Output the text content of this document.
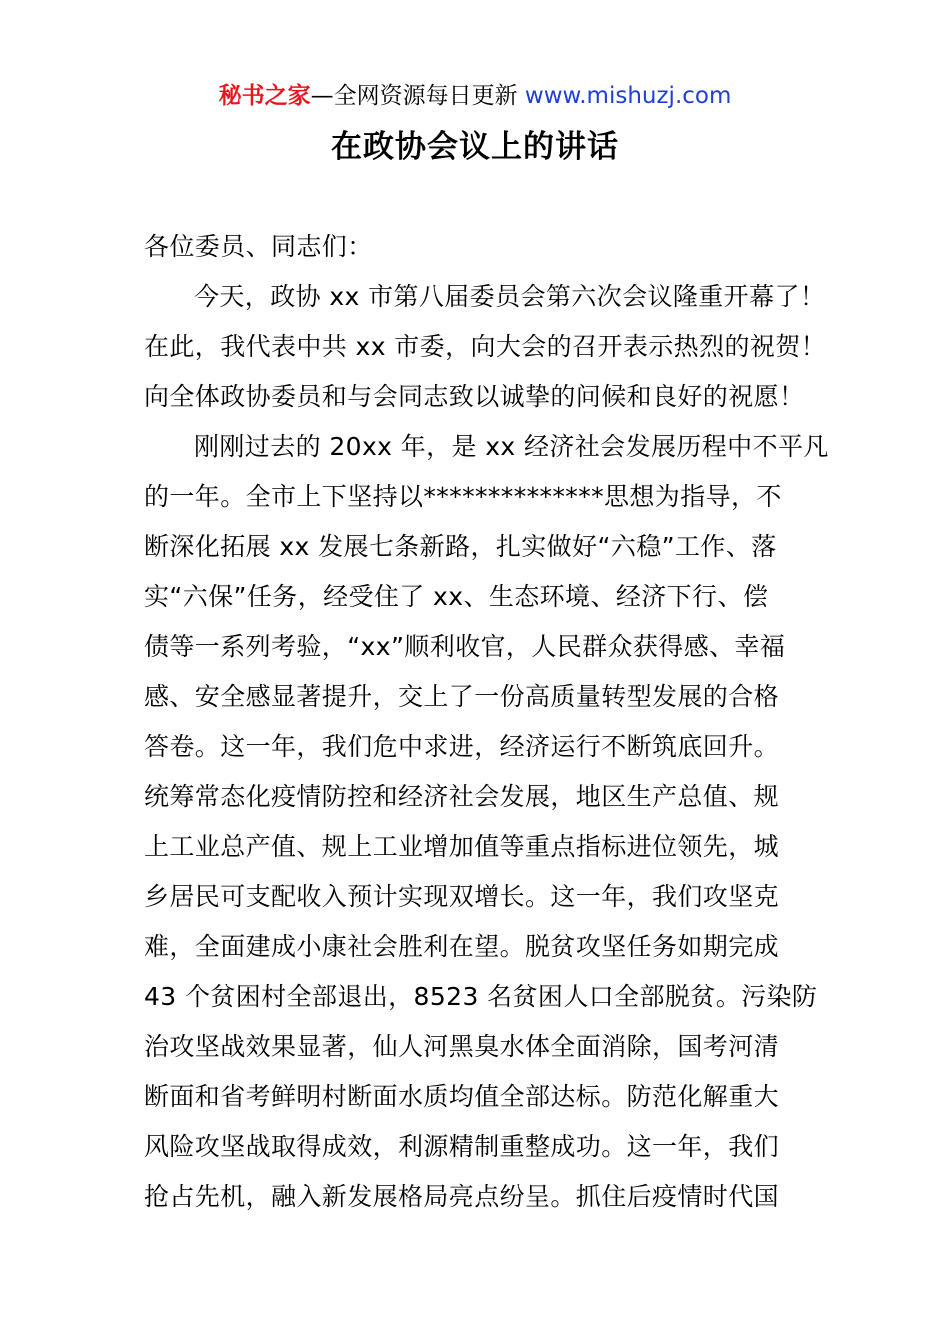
秘书之家—全网资源每日更新 www.mishuzj.com
在政协会议上的讲话
各位委员、同志们：
今天，政协 xx 市第八届委员会第六次会议隆重开幕了！
在此，我代表中共 xx 市委，向大会的召开表示热烈的祝贺！
向全体政协委员和与会同志致以诚挚的问候和良好的祝愿！
刚刚过去的 20xx 年，是 xx 经济社会发展历程中不平凡
的一年。全市上下坚持以**************思想为指导，不
断深化拓展 xx 发展七条新路，扎实做好“六稳”工作、落
实“六保”任务，经受住了 xx、生态环境、经济下行、偿
债等一系列考验，“xx”顺利收官，人民群众获得感、幸福
感、安全感显著提升，交上了一份高质量转型发展的合格
答卷。这一年，我们危中求进，经济运行不断筑底回升。
统筹常态化疫情防控和经济社会发展，地区生产总值、规
上工业总产值、规上工业增加值等重点指标进位领先，城
乡居民可支配收入预计实现双增长。这一年，我们攻坚克
难，全面建成小康社会胜利在望。脱贫攻坚任务如期完成
43 个贫困村全部退出，8523 名贫困人口全部脱贫。污染防
治攻坚战效果显著，仙人河黑臭水体全面消除，国考河清
断面和省考鲜明村断面水质均值全部达标。防范化解重大
风险攻坚战取得成效，利源精制重整成功。这一年，我们
抢占先机，融入新发展格局亮点纷呈。抓住后疫情时代国
